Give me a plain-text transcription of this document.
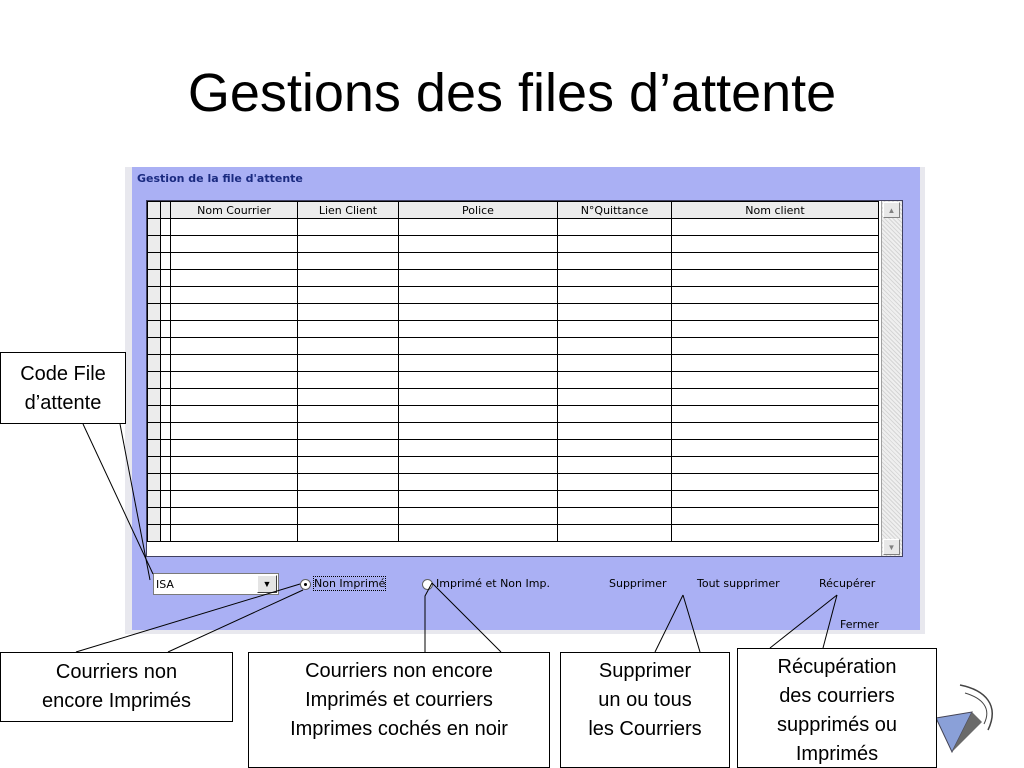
Gestions des files d’attente
Gestion de la file d'attente
		Nom Courrier	Lien Client	Police	N°Quittance	Nom client

							▲
▼
ISA	▼	Non Imprimé	Imprimé et Non Imp.	Supprimer	Tout supprimer	Récupérer
Fermer
Code File
d’attente
Courriers non
encore Imprimés
Courriers non encore
Imprimés et courriers
Imprimes cochés en noir
Supprimer
un ou tous
les Courriers
Récupération
des courriers
supprimés ou
Imprimés
